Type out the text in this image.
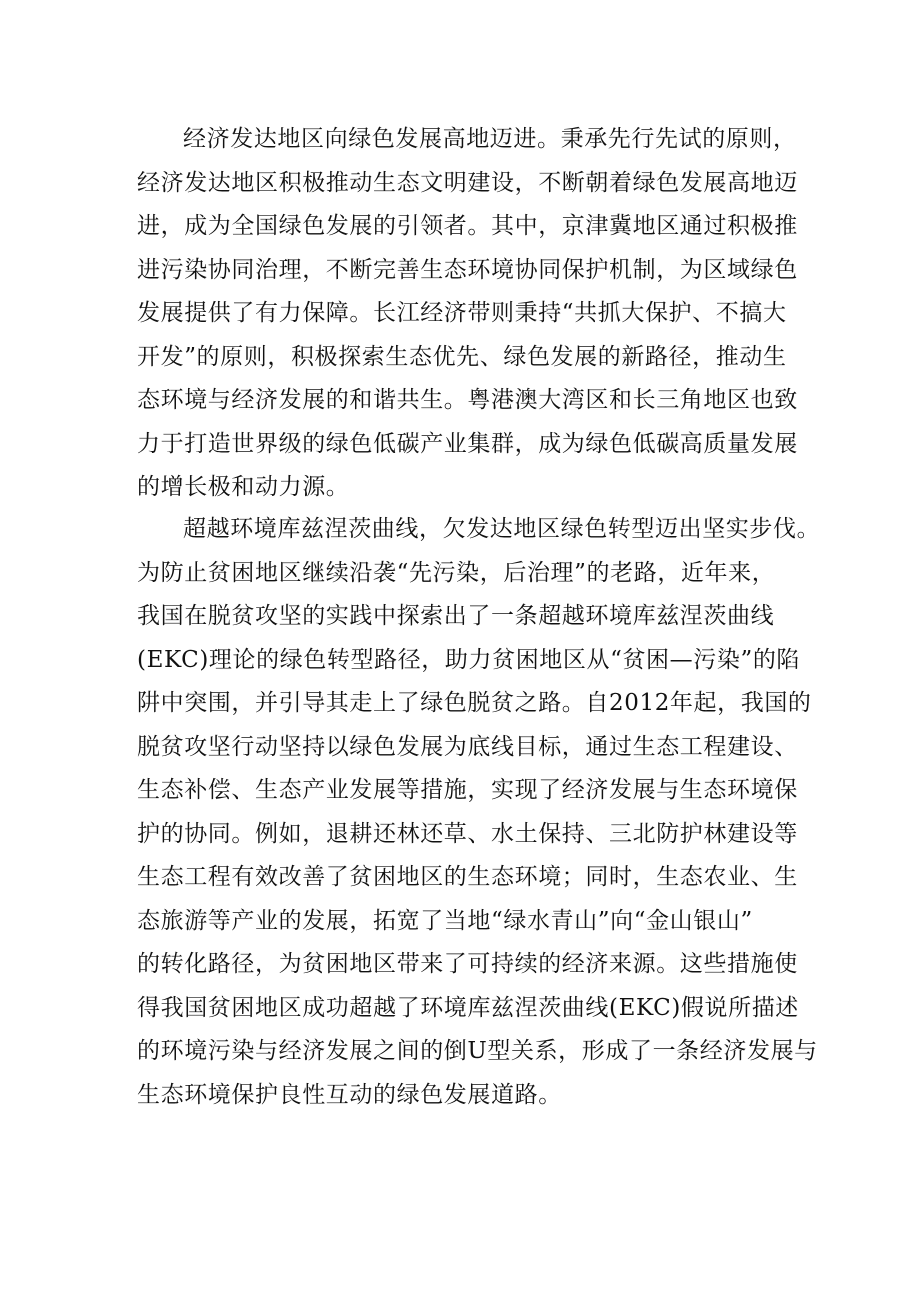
经济发达地区向绿色发展高地迈进。秉承先行先试的原则，
经济发达地区积极推动生态文明建设，不断朝着绿色发展高地迈
进，成为全国绿色发展的引领者。其中，京津冀地区通过积极推
进污染协同治理，不断完善生态环境协同保护机制，为区域绿色
发展提供了有力保障。长江经济带则秉持“共抓大保护、不搞大
开发”的原则，积极探索生态优先、绿色发展的新路径，推动生
态环境与经济发展的和谐共生。粤港澳大湾区和长三角地区也致
力于打造世界级的绿色低碳产业集群，成为绿色低碳高质量发展
的增长极和动力源。
超越环境库兹涅茨曲线，欠发达地区绿色转型迈出坚实步伐。
为防止贫困地区继续沿袭“先污染，后治理”的老路，近年来，
我国在脱贫攻坚的实践中探索出了一条超越环境库兹涅茨曲线
(EKC)理论的绿色转型路径，助力贫困地区从“贫困—污染”的陷
阱中突围，并引导其走上了绿色脱贫之路。自2012年起，我国的
脱贫攻坚行动坚持以绿色发展为底线目标，通过生态工程建设、
生态补偿、生态产业发展等措施，实现了经济发展与生态环境保
护的协同。例如，退耕还林还草、水土保持、三北防护林建设等
生态工程有效改善了贫困地区的生态环境；同时，生态农业、生
态旅游等产业的发展，拓宽了当地“绿水青山”向“金山银山”
的转化路径，为贫困地区带来了可持续的经济来源。这些措施使
得我国贫困地区成功超越了环境库兹涅茨曲线(EKC)假说所描述
的环境污染与经济发展之间的倒U型关系，形成了一条经济发展与
生态环境保护良性互动的绿色发展道路。
